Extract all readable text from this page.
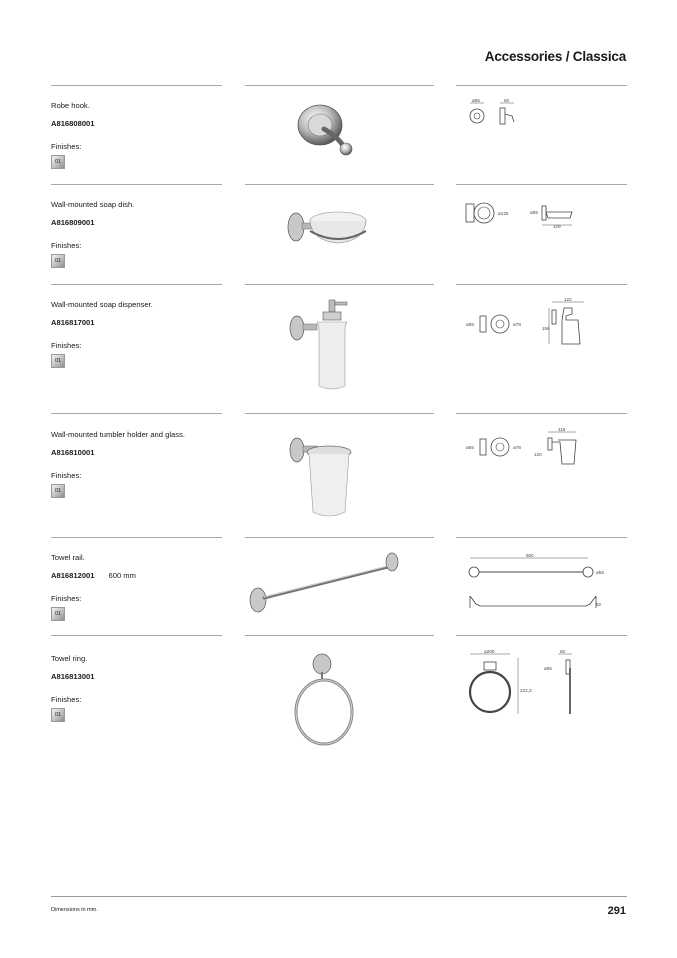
Accessories / Classica
Robe hook.
A816808001
Finishes:
01
ø55	60
Wall-mounted soap dish.
A816809001
Finishes:
01
ø125	ø55
129
Wall-mounted soap dispenser.
A816817001
Finishes:
01
ø55	ø78
122
156
Wall-mounted tumbler holder and glass.
A816810001
Finishes:
01
ø55	ø78
115
120
Towel rail.
A816812001 600 mm
Finishes:
01
600
ø55
62
Towel ring.
A816813001
Finishes:
01
ø200
222,3
60
ø55
Dimensions in mm.	291
